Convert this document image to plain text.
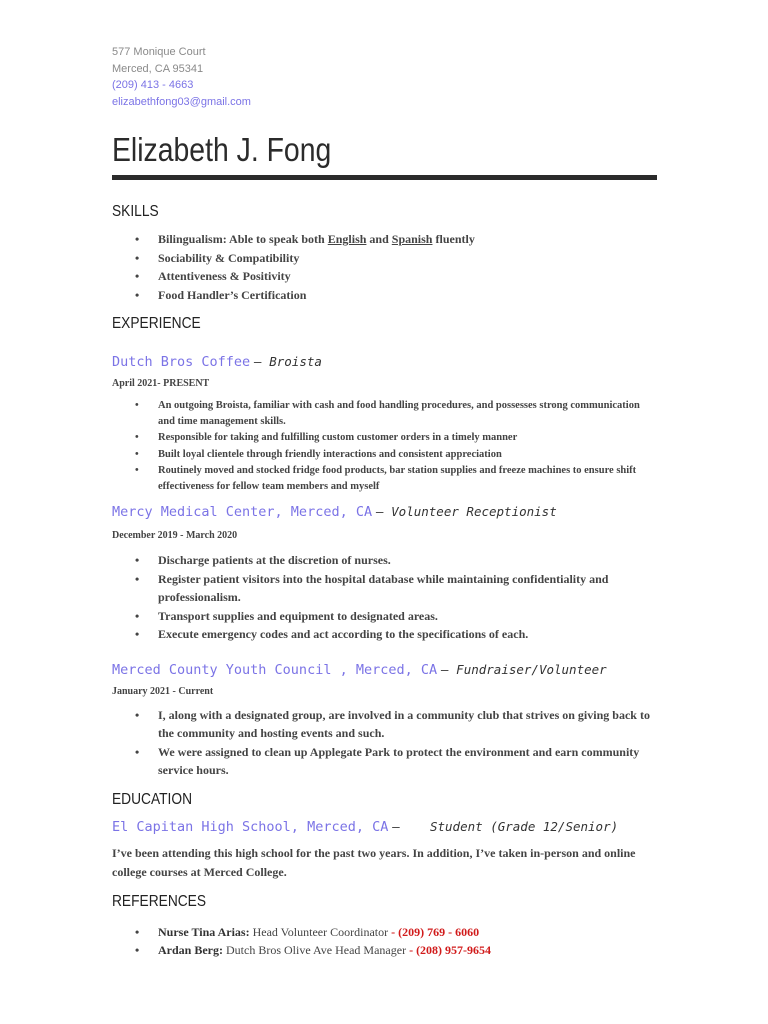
577 Monique Court
Merced, CA 95341
(209) 413 - 4663
elizabethfong03@gmail.com
Elizabeth J. Fong
SKILLS
• Bilingualism: Able to speak both English and Spanish fluently
• Sociability & Compatibility
• Attentiveness & Positivity
• Food Handler’s Certification
EXPERIENCE
Dutch Bros Coffee — Broista
April 2021- PRESENT
• An outgoing Broista, familiar with cash and food handling procedures, and possesses strong communication and time management skills.
• Responsible for taking and fulfilling custom customer orders in a timely manner
• Built loyal clientele through friendly interactions and consistent appreciation
• Routinely moved and stocked fridge food products, bar station supplies and freeze machines to ensure shift effectiveness for fellow team members and myself
Mercy Medical Center, Merced, CA — Volunteer Receptionist
December 2019 - March 2020
• Discharge patients at the discretion of nurses.
• Register patient visitors into the hospital database while maintaining confidentiality and professionalism.
• Transport supplies and equipment to designated areas.
• Execute emergency codes and act according to the specifications of each.
Merced County Youth Council , Merced, CA — Fundraiser/Volunteer
January 2021 - Current
• I, along with a designated group, are involved in a community club that strives on giving back to the community and hosting events and such.
• We were assigned to clean up Applegate Park to protect the environment and earn community service hours.
EDUCATION
El Capitan High School, Merced, CA —    Student (Grade 12/Senior)
I’ve been attending this high school for the past two years. In addition, I’ve taken in-person and online college courses at Merced College.
REFERENCES
• Nurse Tina Arias: Head Volunteer Coordinator - (209) 769 - 6060
• Ardan Berg: Dutch Bros Olive Ave Head Manager - (208) 957-9654
